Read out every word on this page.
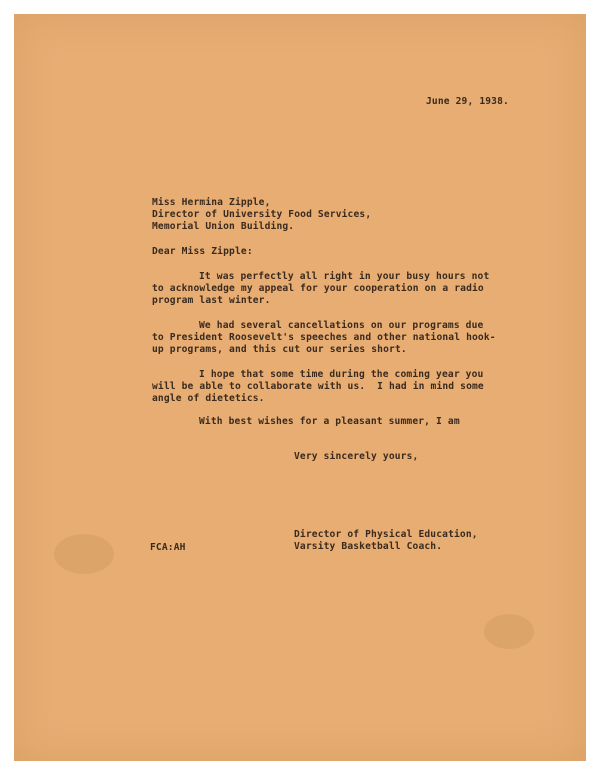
June 29, 1938.
Miss Hermina Zipple,
Director of University Food Services,
Memorial Union Building.
Dear Miss Zipple:
It was perfectly all right in your busy hours not
to acknowledge my appeal for your cooperation on a radio
program last winter.
We had several cancellations on our programs due
to President Roosevelt's speeches and other national hook-
up programs, and this cut our series short.
I hope that some time during the coming year you
will be able to collaborate with us.  I had in mind some
angle of dietetics.
With best wishes for a pleasant summer, I am
Very sincerely yours,
Director of Physical Education,
Varsity Basketball Coach.
FCA:AH
